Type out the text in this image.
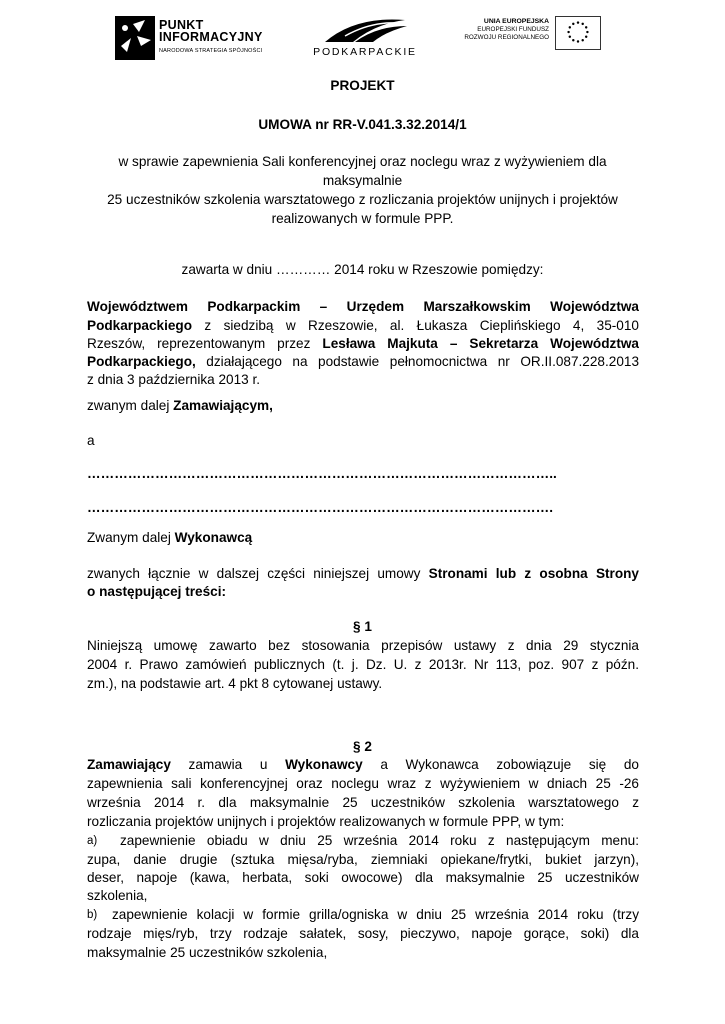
PUNKT
INFORMACYJNY
NARODOWA STRATEGIA SPÓJNOŚCI	PODKARPACKIE
UNIA EUROPEJSKA
EUROPEJSKI FUNDUSZ
ROZWOJU REGIONALNEGO
PROJEKT
UMOWA nr RR-V.041.3.32.2014/1
w sprawie zapewnienia Sali konferencyjnej oraz noclegu wraz z wyżywieniem dla
maksymalnie
25 uczestników szkolenia warsztatowego z rozliczania projektów unijnych i projektów
realizowanych w formule PPP.
zawarta w dniu ………… 2014 roku w Rzeszowie pomiędzy:
Województwem Podkarpackim – Urzędem Marszałkowskim Województwa
Podkarpackiego z siedzibą w Rzeszowie, al. Łukasza Cieplińskiego 4, 35-010
Rzeszów, reprezentowanym przez Lesława Majkuta – Sekretarza Województwa
Podkarpackiego, działającego na podstawie pełnomocnictwa nr OR.II.087.228.2013
z dnia 3 października 2013 r.
zwanym dalej Zamawiającym,
a
…………………………………………………………………………………………..
………………………………………………………………………………………….
Zwanym dalej Wykonawcą
zwanych łącznie w dalszej części niniejszej umowy Stronami lub z osobna Strony
o następującej treści:
§ 1
Niniejszą umowę zawarto bez stosowania przepisów ustawy z dnia 29 stycznia
2004 r. Prawo zamówień publicznych (t. j. Dz. U. z 2013r. Nr 113, poz. 907 z późn.
zm.), na podstawie art. 4 pkt 8 cytowanej ustawy.
§ 2
Zamawiający zamawia u Wykonawcy a Wykonawca zobowiązuje się do
zapewnienia sali konferencyjnej oraz noclegu wraz z wyżywieniem w dniach 25 -26
września 2014 r. dla maksymalnie 25 uczestników szkolenia warsztatowego z
rozliczania projektów unijnych i projektów realizowanych w formule PPP, w tym:
a) zapewnienie obiadu w dniu 25 września 2014 roku z następującym menu:
zupa, danie drugie (sztuka mięsa/ryba, ziemniaki opiekane/frytki, bukiet jarzyn),
deser, napoje (kawa, herbata, soki owocowe) dla maksymalnie 25 uczestników
szkolenia,
b) zapewnienie kolacji w formie grilla/ogniska w dniu 25 września 2014 roku (trzy
rodzaje mięs/ryb, trzy rodzaje sałatek, sosy, pieczywo, napoje gorące, soki) dla
maksymalnie 25 uczestników szkolenia,
